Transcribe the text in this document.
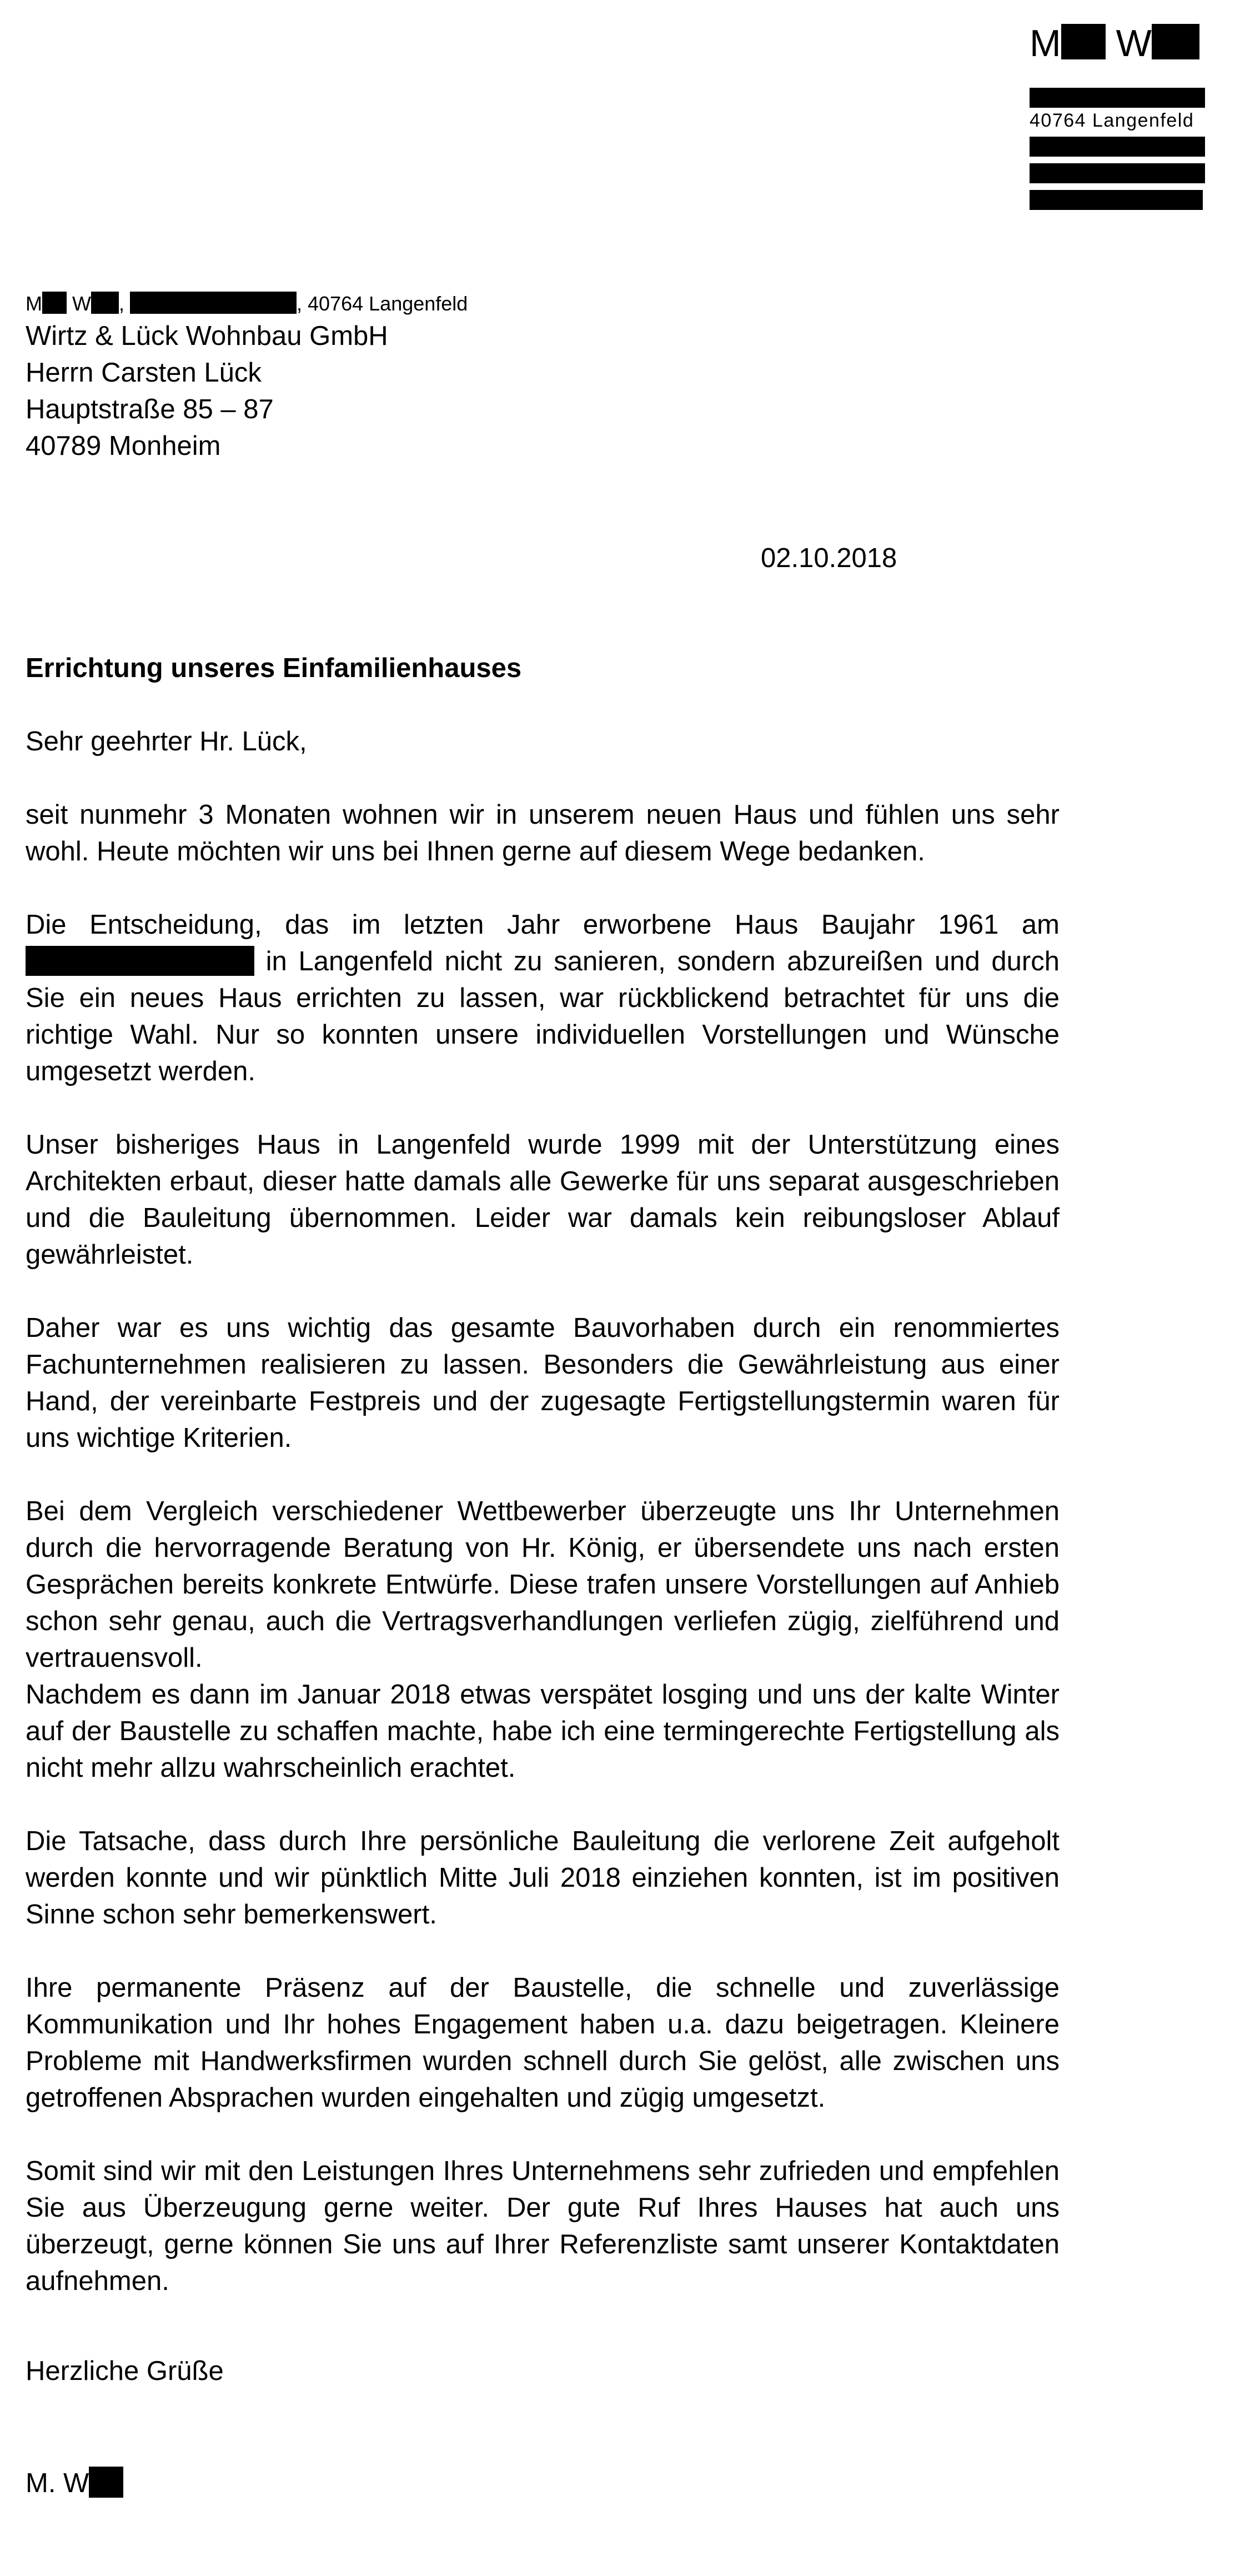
M W
40764 Langenfeld
M W ,	, 40764 Langenfeld
Wirtz & Lück Wohnbau GmbH
Herrn Carsten Lück
Hauptstraße 85 – 87
40789 Monheim
02.10.2018
Errichtung unseres Einfamilienhauses
Sehr geehrter Hr. Lück,

seit nunmehr 3 Monaten wohnen wir in unserem neuen Haus und fühlen uns sehr wohl. Heute möchten wir uns bei Ihnen gerne auf diesem Wege bedanken.

Die Entscheidung, das im letzten Jahr erworbene Haus Baujahr 1961 am  in Langenfeld nicht zu sanieren, sondern abzureißen und durch Sie ein neues Haus errichten zu lassen, war rückblickend betrachtet für uns die richtige Wahl. Nur so konnten unsere individuellen Vorstellungen und Wünsche umgesetzt werden.

Unser bisheriges Haus in Langenfeld wurde 1999 mit der Unterstützung eines Architekten erbaut, dieser hatte damals alle Gewerke für uns separat ausgeschrieben und die Bauleitung übernommen. Leider war damals kein reibungsloser Ablauf gewährleistet.

Daher war es uns wichtig das gesamte Bauvorhaben durch ein renommiertes Fachunternehmen realisieren zu lassen. Besonders die Gewährleistung aus einer Hand, der vereinbarte Festpreis und der zugesagte Fertigstellungstermin waren für uns wichtige Kriterien.

Bei dem Vergleich verschiedener Wettbewerber überzeugte uns Ihr Unternehmen durch die hervorragende Beratung von Hr. König, er übersendete uns nach ersten Gesprächen bereits konkrete Entwürfe. Diese trafen unsere Vorstellungen auf Anhieb schon sehr genau, auch die Vertragsverhandlungen verliefen zügig, zielführend und vertrauensvoll.

Nachdem es dann im Januar 2018 etwas verspätet losging und uns der kalte Winter auf der Baustelle zu schaffen machte, habe ich eine termingerechte Fertigstellung als nicht mehr allzu wahrscheinlich erachtet.

Die Tatsache, dass durch Ihre persönliche Bauleitung die verlorene Zeit aufgeholt werden konnte und wir pünktlich Mitte Juli 2018 einziehen konnten, ist im positiven Sinne schon sehr bemerkenswert.

Ihre permanente Präsenz auf der Baustelle, die schnelle und zuverlässige Kommunikation und Ihr hohes Engagement haben u.a. dazu beigetragen. Kleinere Probleme mit Handwerksfirmen wurden schnell durch Sie gelöst, alle zwischen uns getroffenen Absprachen wurden eingehalten und zügig umgesetzt.

Somit sind wir mit den Leistungen Ihres Unternehmens sehr zufrieden und empfehlen Sie aus Überzeugung gerne weiter. Der gute Ruf Ihres Hauses hat auch uns überzeugt, gerne können Sie uns auf Ihrer Referenzliste samt unserer Kontaktdaten aufnehmen.

Herzliche Grüße
M. W
